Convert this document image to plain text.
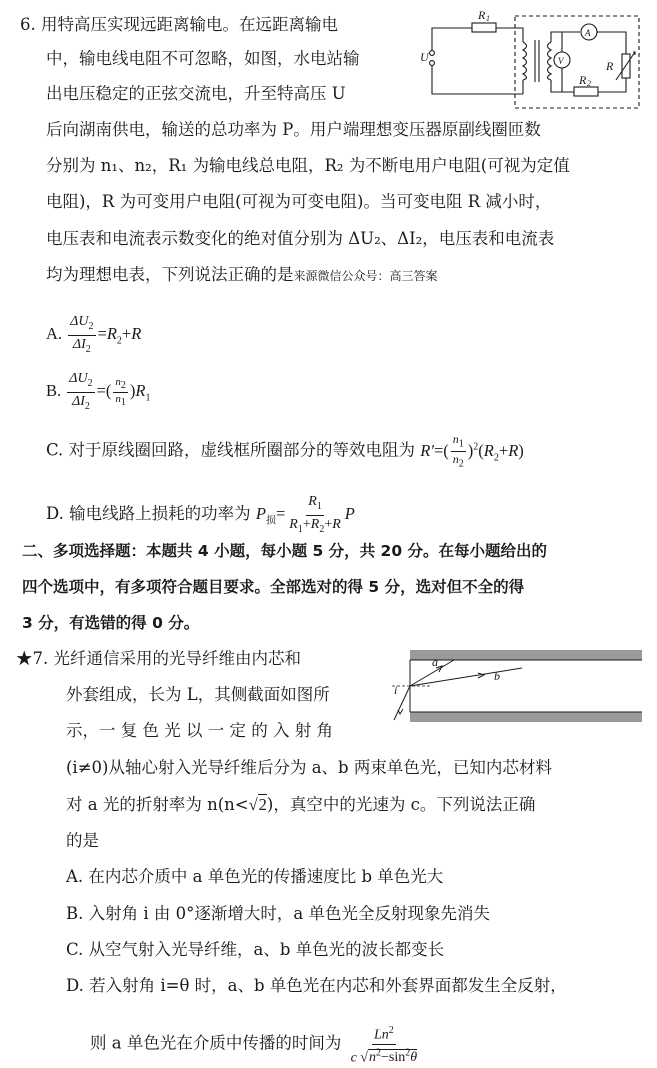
6. 用特高压实现远距离输电。在远距离输电
中，输电线电阻不可忽略，如图，水电站输
出电压稳定的正弦交流电，升至特高压 U
后向湖南供电，输送的总功率为 P。用户端理想变压器原副线圈匝数
分别为 n₁、n₂，R₁ 为输电线总电阻，R₂ 为不断电用户电阻(可视为定值
电阻)，R 为可变用户电阻(可视为可变电阻)。当可变电阻 R 减小时，
电压表和电流表示数变化的绝对值分别为 ΔU₂、ΔI₂，电压表和电流表
均为理想电表，下列说法正确的是来源微信公众号：高三答案
R 1
R 2
R
U
A
V
A. $\frac{\Delta U_2}{\Delta I_2} =R_2+R$
B. $\frac{\Delta U_2}{\Delta I_2}$ =( $\frac{n_2}{n_1} )R_1$
C. 对于原线圈回路，虚线框所圈部分的等效电阻为 $R'=( \frac{n_1}{n_2} )^2(R_2+R)$
D. 输电线路上损耗的功率为 $P_损= \frac{R_1}{R_1+R_2+R}$ P
二、多项选择题：本题共 4 小题，每小题 5 分，共 20 分。在每小题给出的
四个选项中，有多项符合题目要求。全部选对的得 5 分，选对但不全的得
3 分，有选错的得 0 分。
★7. 光纤通信采用的光导纤维由内芯和
外套组成，长为 L，其侧截面如图所
示，一 复 色 光 以 一 定 的 入 射 角
(i≠0)从轴心射入光导纤维后分为 a、b 两束单色光，已知内芯材料
对 a 光的折射率为 n(n<√2)，真空中的光速为 c。下列说法正确
的是
a
b
i
A. 在内芯介质中 a 单色光的传播速度比 b 单色光大
B. 入射角 i 由 0°逐渐增大时，a 单色光全反射现象先消失
C. 从空气射入光导纤维，a、b 单色光的波长都变长
D. 若入射角 i=θ 时，a、b 单色光在内芯和外套界面都发生全反射，
则 a 单色光在介质中传播的时间为 $\frac{Ln^2}{c √n^2-\sin^2\theta}$
